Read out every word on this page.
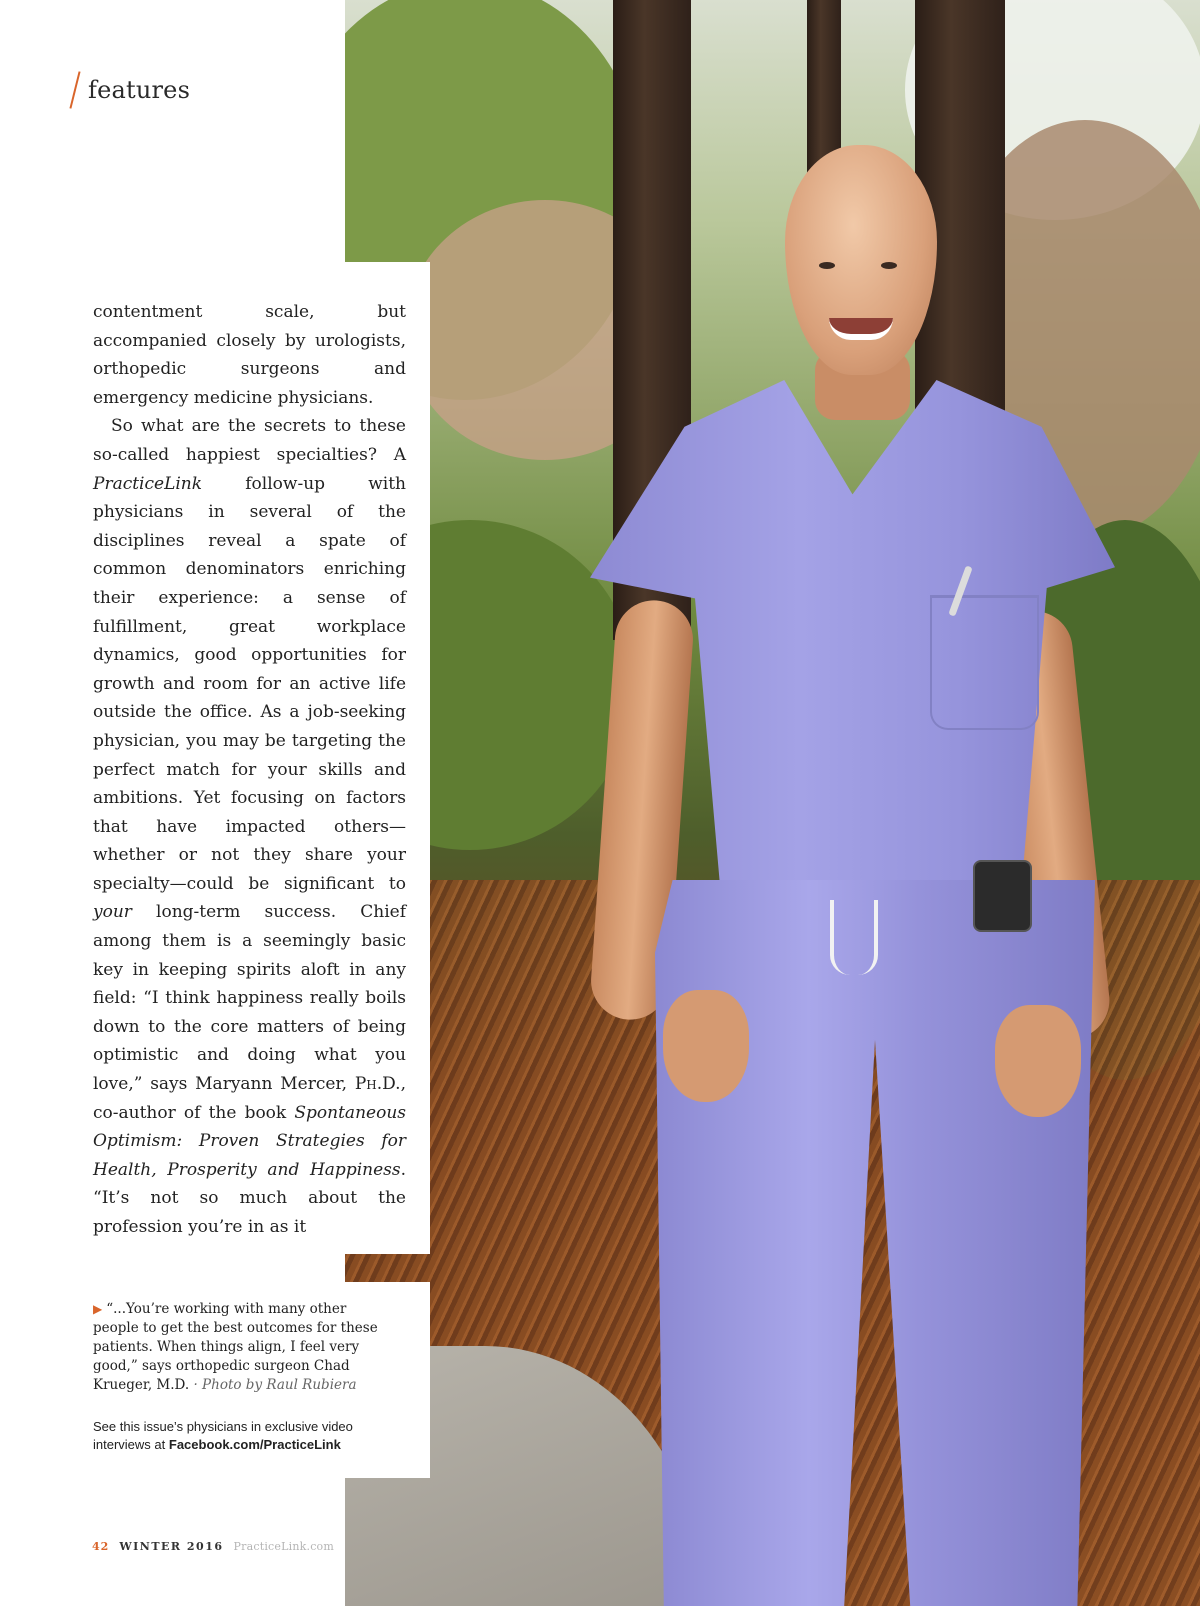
features

contentment scale, but accompanied closely by urologists, orthopedic surgeons and emergency medicine physicians.

So what are the secrets to these so-called happiest specialties? A PracticeLink follow-up with physicians in several of the disciplines reveal a spate of common denominators enriching their experience: a sense of fulfillment, great workplace dynamics, good opportunities for growth and room for an active life outside the office. As a job-seeking physician, you may be targeting the perfect match for your skills and ambitions. Yet focusing on factors that have impacted others—whether or not they share your specialty—could be significant to your long-term success. Chief among them is a seemingly basic key in keeping spirits aloft in any field: “I think happiness really boils down to the core matters of being optimistic and doing what you love,” says Maryann Mercer, Ph.D., co-author of the book Spontaneous Optimism: Proven Strategies for Health, Prosperity and Happiness. “It’s not so much about the profession you’re in as it

▶ “...You’re working with many other people to get the best outcomes for these patients. When things align, I feel very good,” says orthopedic surgeon Chad Krueger, M.D. · Photo by Raul Rubiera
See this issue’s physicians in exclusive video interviews at Facebook.com/PracticeLink
42 WINTER 2016 PracticeLink.com
